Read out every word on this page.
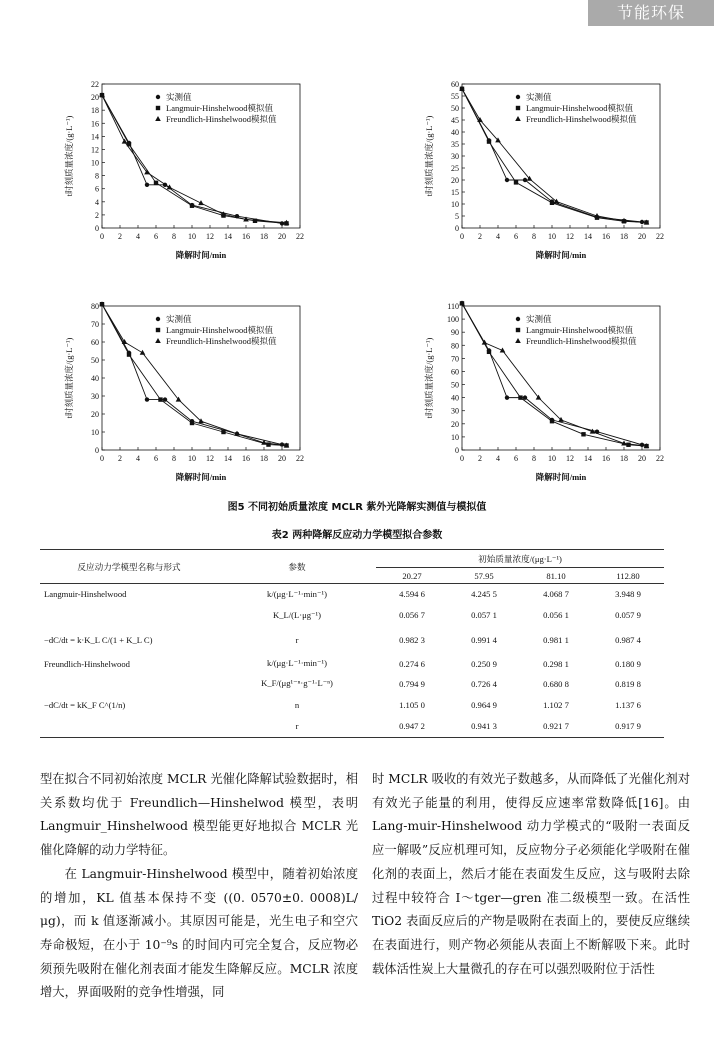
节能环保
0 2 4 6 8 10 12 14 16 18 20 22
0
2
4
6
8
10
12
14
16
18
20
22
降解时间/min
t时刻质量浓度/(g·L⁻¹)
实测值
Langmuir-Hinshelwood模拟值
Freundlich-Hinshelwood模拟值
0 2 4 6 8 10 12 14 16 18 20 22
0
5
10
15
20
25
30
35
40
45
50
55
60
降解时间/min
t时刻质量浓度/(g·L⁻¹)
实测值
Langmuir-Hinshelwood模拟值
Freundlich-Hinshelwood模拟值
0 2 4 6 8 10 12 14 16 18 20 22
0
10
20
30
40
50
60
70
80
降解时间/min
t时刻质量浓度/(g·L⁻¹)
实测值
Langmuir-Hinshelwood模拟值
Freundlich-Hinshelwood模拟值
0 2 4 6 8 10 12 14 16 18 20 22
0
10
20
30
40
50
60
70
80
90
100
110
降解时间/min
t时刻质量浓度/(g·L⁻¹)
实测值
Langmuir-Hinshelwood模拟值
Freundlich-Hinshelwood模拟值
图5 不同初始质量浓度 MCLR 紫外光降解实测值与模拟值
表2 两种降解反应动力学模型拟合参数
反应动力学模型名称与形式	参数	初始质量浓度/(μg·L⁻¹)			
		20.27	57.95	81.10	112.80
Langmuir-Hinshelwood	k/(μg·L⁻¹·min⁻¹)	4.594 6	4.245 5	4.068 7	3.948 9
	K_L/(L·μg⁻¹)	0.056 7	0.057 1	0.056 1	0.057 9
−dC/dt = k·K_L C/(1 + K_L C)	r	0.982 3	0.991 4	0.981 1	0.987 4
Freundlich-Hinshelwood	k/(μg·L⁻¹·min⁻¹)	0.274 6	0.250 9	0.298 1	0.180 9
	K_F/(μg¹⁻ⁿ·g⁻¹·L⁻ⁿ)	0.794 9	0.726 4	0.680 8	0.819 8
−dC/dt = kK_F C^(1/n)	n	1.105 0	0.964 9	1.102 7	1.137 6
	r	0.947 2	0.941 3	0.921 7	0.917 9

型在拟合不同初始浓度 MCLR 光催化降解试验数据时，相关系数均优于 Freundlich—Hinshelwod 模型，表明 Langmuir_Hinshelwood 模型能更好地拟合 MCLR 光催化降解的动力学特征。

在 Langmuir-Hinshelwood 模型中，随着初始浓度的增加，KL 值基本保持不变 ((0. 0570±0. 0008)L/μg)，而 k 值逐渐减小。其原因可能是，光生电子和空穴寿命极短，在小于 10⁻⁹s 的时间内可完全复合，反应物必须预先吸附在催化剂表面才能发生降解反应。MCLR 浓度增大，界面吸附的竞争性增强，同

时 MCLR 吸收的有效光子数越多，从而降低了光催化剂对有效光子能量的利用，使得反应速率常数降低[16]。由 Lang-muir-Hinshelwood 动力学模式的“吸附一表面反应一解吸”反应机理可知，反应物分子必须能化学吸附在催化剂的表面上，然后才能在表面发生反应，这与吸附去除过程中较符合 I～tger—gren 准二级模型一致。在活性 TiO2 表面反应后的产物是吸附在表面上的，要使反应继续在表面进行，则产物必须能从表面上不断解吸下来。此时载体活性炭上大量微孔的存在可以强烈吸附位于活性
